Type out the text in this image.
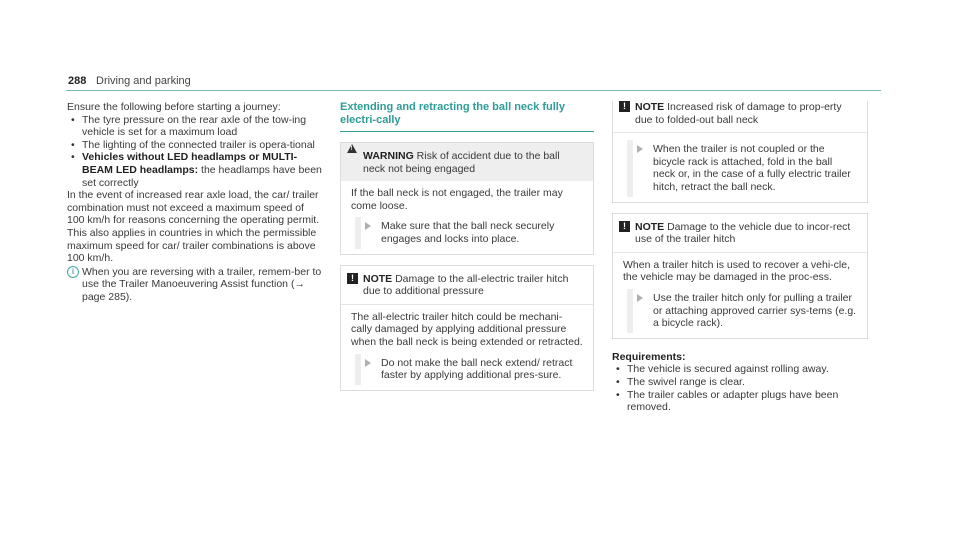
288 Driving and parking

Ensure the following before starting a journey:

• The tyre pressure on the rear axle of the tow-ing vehicle is set for a maximum load
• The lighting of the connected trailer is opera-tional
• Vehicles without LED headlamps or MULTI-BEAM LED headlamps: the headlamps have been set correctly

In the event of increased rear axle load, the car/ trailer combination must not exceed a maximum speed of 100 km/h for reasons concerning the operating permit. This also applies in countries in which the permissible maximum speed for car/ trailer combinations is above 100 km/h.

i When you are reversing with a trailer, remem-ber to use the Trailer Manoeuvering Assist function (→ page 285).
Extending and retracting the ball neck fully electri-cally
!
WARNING Risk of accident due to the ball neck not being engaged

If the ball neck is not engaged, the trailer may come loose.

Make sure that the ball neck securely engages and locks into place.
! NOTE Damage to the all-electric trailer hitch due to additional pressure

The all-electric trailer hitch could be mechani-cally damaged by applying additional pressure when the ball neck is being extended or retracted.

Do not make the ball neck extend/ retract faster by applying additional pres-sure.
! NOTE Increased risk of damage to prop-erty due to folded-out ball neck
When the trailer is not coupled or the bicycle rack is attached, fold in the ball neck or, in the case of a fully electric trailer hitch, retract the ball neck.
! NOTE Damage to the vehicle due to incor-rect use of the trailer hitch

When a trailer hitch is used to recover a vehi-cle, the vehicle may be damaged in the proc-ess.

Use the trailer hitch only for pulling a trailer or attaching approved carrier sys-tems (e.g. a bicycle rack).

Requirements:

• The vehicle is secured against rolling away.
• The swivel range is clear.
• The trailer cables or adapter plugs have been removed.
